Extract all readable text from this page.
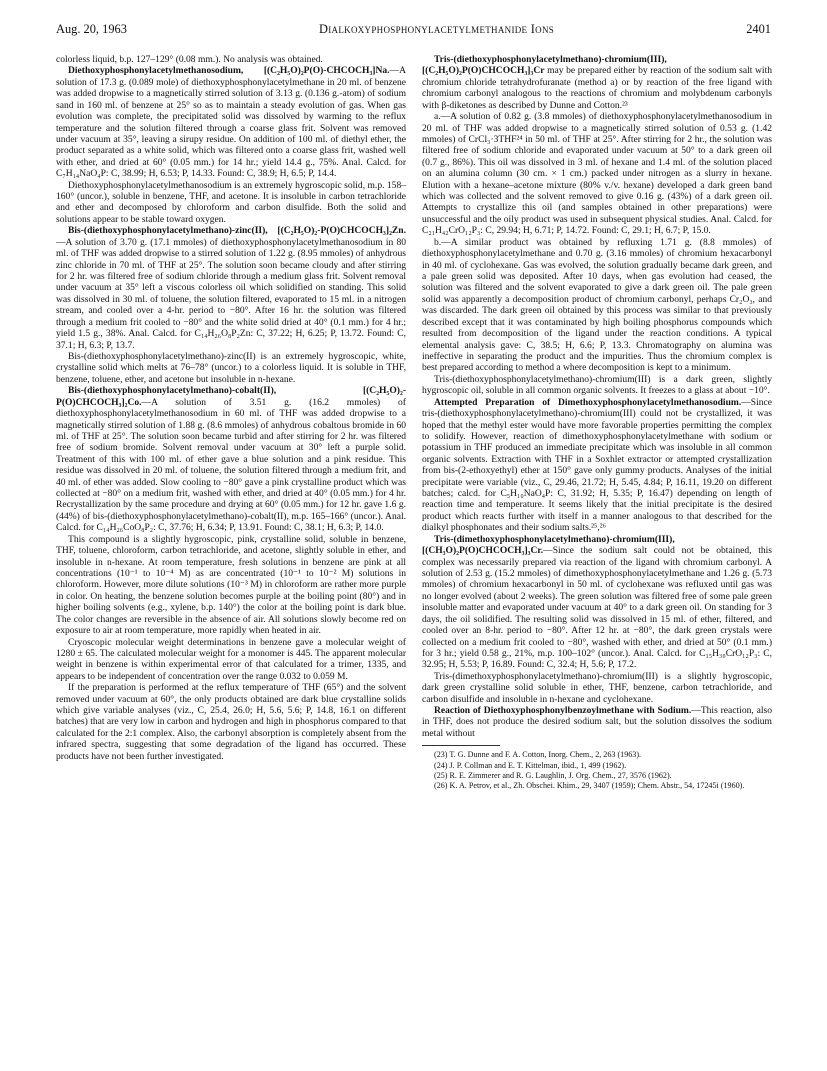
Aug. 20, 1963	Dialkoxyphosphonylacetylmethanide Ions	2401

colorless liquid, b.p. 127–129° (0.08 mm.). No analysis was obtained.

Diethoxyphosphonylacetylmethanosodium, [(C₂H₅O)₂P(O)-CHCOCH₃]Na.—A solution of 17.3 g. (0.089 mole) of diethoxyphosphonylacetylmethane in 20 ml. of benzene was added dropwise to a magnetically stirred solution of 3.13 g. (0.136 g.-atom) of sodium sand in 160 ml. of benzene at 25° so as to maintain a steady evolution of gas. When gas evolution was complete, the precipitated solid was dissolved by warming to the reflux temperature and the solution filtered through a coarse glass frit. Solvent was removed under vacuum at 35°, leaving a sirupy residue. On addition of 100 ml. of diethyl ether, the product separated as a white solid, which was filtered onto a coarse glass frit, washed well with ether, and dried at 60° (0.05 mm.) for 14 hr.; yield 14.4 g., 75%. Anal. Calcd. for C₇H₁₄NaO₄P: C, 38.99; H, 6.53; P, 14.33. Found: C, 38.9; H, 6.5; P, 14.4.

Diethoxyphosphonylacetylmethanosodium is an extremely hygroscopic solid, m.p. 158–160° (uncor.), soluble in benzene, THF, and acetone. It is insoluble in carbon tetrachloride and ether and decomposed by chloroform and carbon disulfide. Both the solid and solutions appear to be stable toward oxygen.

Bis-(diethoxyphosphonylacetylmethano)-zinc(II), [(C₂H₅O)₂-P(O)CHCOCH₃]₂Zn.—A solution of 3.70 g. (17.1 mmoles) of diethoxyphosphonylacetylmethanosodium in 80 ml. of THF was added dropwise to a stirred solution of 1.22 g. (8.95 mmoles) of anhydrous zinc chloride in 70 ml. of THF at 25°. The solution soon became cloudy and after stirring for 2 hr. was filtered free of sodium chloride through a medium glass frit. Solvent removal under vacuum at 35° left a viscous colorless oil which solidified on standing. This solid was dissolved in 30 ml. of toluene, the solution filtered, evaporated to 15 ml. in a nitrogen stream, and cooled over a 4-hr. period to −80°. After 16 hr. the solution was filtered through a medium frit cooled to −80° and the white solid dried at 40° (0.1 mm.) for 4 hr.; yield 1.5 g., 38%. Anal. Calcd. for C₁₄H₂₆O₈P₂Zn: C, 37.22; H, 6.25; P, 13.72. Found: C, 37.1; H, 6.3; P, 13.7.

Bis-(diethoxyphosphonylacetylmethano)-zinc(II) is an extremely hygroscopic, white, crystalline solid which melts at 76–78° (uncor.) to a colorless liquid. It is soluble in THF, benzene, toluene, ether, and acetone but insoluble in n-hexane.

Bis-(diethoxyphosphonylacetylmethano)-cobalt(II), [(C₂H₅O)₂-P(O)CHCOCH₃]₂Co.—A solution of 3.51 g. (16.2 mmoles) of diethoxyphosphonylacetylmethanosodium in 60 ml. of THF was added dropwise to a magnetically stirred solution of 1.88 g. (8.6 mmoles) of anhydrous cobaltous bromide in 60 ml. of THF at 25°. The solution soon became turbid and after stirring for 2 hr. was filtered free of sodium bromide. Solvent removal under vacuum at 30° left a purple solid. Treatment of this with 100 ml. of ether gave a blue solution and a pink residue. This residue was dissolved in 20 ml. of toluene, the solution filtered through a medium frit, and 40 ml. of ether was added. Slow cooling to −80° gave a pink crystalline product which was collected at −80° on a medium frit, washed with ether, and dried at 40° (0.05 mm.) for 4 hr. Recrystallization by the same procedure and drying at 60° (0.05 mm.) for 12 hr. gave 1.6 g. (44%) of bis-(diethoxyphosphonylacetylmethano)-cobalt(II), m.p. 165–166° (uncor.). Anal. Calcd. for C₁₄H₂₆CoO₈P₂: C, 37.76; H, 6.34; P, 13.91. Found: C, 38.1; H, 6.3; P, 14.0.

This compound is a slightly hygroscopic, pink, crystalline solid, soluble in benzene, THF, toluene, chloroform, carbon tetrachloride, and acetone, slightly soluble in ether, and insoluble in n-hexane. At room temperature, fresh solutions in benzene are pink at all concentrations (10⁻¹ to 10⁻⁴ M) as are concentrated (10⁻¹ to 10⁻² M) solutions in chloroform. However, more dilute solutions (10⁻³ M) in chloroform are rather more purple in color. On heating, the benzene solution becomes purple at the boiling point (80°) and in higher boiling solvents (e.g., xylene, b.p. 140°) the color at the boiling point is dark blue. The color changes are reversible in the absence of air. All solutions slowly become red on exposure to air at room temperature, more rapidly when heated in air.

Cryoscopic molecular weight determinations in benzene gave a molecular weight of 1280 ± 65. The calculated molecular weight for a monomer is 445. The apparent molecular weight in benzene is within experimental error of that calculated for a trimer, 1335, and appears to be independent of concentration over the range 0.032 to 0.059 M.

If the preparation is performed at the reflux temperature of THF (65°) and the solvent removed under vacuum at 60°, the only products obtained are dark blue crystalline solids which give variable analyses (viz., C, 25.4, 26.0; H, 5.6, 5.6; P, 14.8, 16.1 on different batches) that are very low in carbon and hydrogen and high in phosphorus compared to that calculated for the 2:1 complex. Also, the carbonyl absorption is completely absent from the infrared spectra, suggesting that some degradation of the ligand has occurred. These products have not been further investigated.

Tris-(diethoxyphosphonylacetylmethano)-chromium(III), [(C₂H₅O)₂P(O)CHCOCH₃]₃Cr may be prepared either by reaction of the sodium salt with chromium chloride tetrahydrofuranate (method a) or by reaction of the free ligand with chromium carbonyl analogous to the reactions of chromium and molybdenum carbonyls with β-diketones as described by Dunne and Cotton.²³

a.—A solution of 0.82 g. (3.8 mmoles) of diethoxyphosphonylacetylmethanosodium in 20 ml. of THF was added dropwise to a magnetically stirred solution of 0.53 g. (1.42 mmoles) of CrCl₃·3THF²⁴ in 50 ml. of THF at 25°. After stirring for 2 hr., the solution was filtered free of sodium chloride and evaporated under vacuum at 50° to a dark green oil (0.7 g., 86%). This oil was dissolved in 3 ml. of hexane and 1.4 ml. of the solution placed on an alumina column (30 cm. × 1 cm.) packed under nitrogen as a slurry in hexane. Elution with a hexane–acetone mixture (80% v./v. hexane) developed a dark green band which was collected and the solvent removed to give 0.16 g. (43%) of a dark green oil. Attempts to crystallize this oil (and samples obtained in other preparations) were unsuccessful and the oily product was used in subsequent physical studies. Anal. Calcd. for C₂₁H₄₂CrO₁₂P₃: C, 29.94; H, 6.71; P, 14.72. Found: C, 29.1; H, 6.7; P, 15.0.

b.—A similar product was obtained by refluxing 1.71 g. (8.8 mmoles) of diethoxyphosphonylacetylmethane and 0.70 g. (3.16 mmoles) of chromium hexacarbonyl in 40 ml. of cyclohexane. Gas was evolved, the solution gradually became dark green, and a pale green solid was deposited. After 10 days, when gas evolution had ceased, the solution was filtered and the solvent evaporated to give a dark green oil. The pale green solid was apparently a decomposition product of chromium carbonyl, perhaps Cr₂O₃, and was discarded. The dark green oil obtained by this process was similar to that previously described except that it was contaminated by high boiling phosphorus compounds which resulted from decomposition of the ligand under the reaction conditions. A typical elemental analysis gave: C, 38.5; H, 6.6; P, 13.3. Chromatography on alumina was ineffective in separating the product and the impurities. Thus the chromium complex is best prepared according to method a where decomposition is kept to a minimum.

Tris-(diethoxyphosphonylacetylmethano)-chromium(III) is a dark green, slightly hygroscopic oil, soluble in all common organic solvents. It freezes to a glass at about −10°.

Attempted Preparation of Dimethoxyphosphonylacetylmethanosodium.—Since tris-(diethoxyphosphonylacetylmethano)-chromium(III) could not be crystallized, it was hoped that the methyl ester would have more favorable properties permitting the complex to solidify. However, reaction of dimethoxyphosphonylacetylmethane with sodium or potassium in THF produced an immediate precipitate which was insoluble in all common organic solvents. Extraction with THF in a Soxhlet extractor or attempted crystallization from bis-(2-ethoxyethyl) ether at 150° gave only gummy products. Analyses of the initial precipitate were variable (viz., C, 29.46, 21.72; H, 5.45, 4.84; P, 16.11, 19.20 on different batches; calcd. for C₅H₁₀NaO₄P: C, 31.92; H, 5.35; P, 16.47) depending on length of reaction time and temperature. It seems likely that the initial precipitate is the desired product which reacts further with itself in a manner analogous to that described for the dialkyl phosphonates and their sodium salts.²⁵,²⁶

Tris-(dimethoxyphosphonylacetylmethano)-chromium(III), [(CH₃O)₂P(O)CHCOCH₃]₃Cr.—Since the sodium salt could not be obtained, this complex was necessarily prepared via reaction of the ligand with chromium carbonyl. A solution of 2.53 g. (15.2 mmoles) of dimethoxyphosphonylacetylmethane and 1.26 g. (5.73 mmoles) of chromium hexacarbonyl in 50 ml. of cyclohexane was refluxed until gas was no longer evolved (about 2 weeks). The green solution was filtered free of some pale green insoluble matter and evaporated under vacuum at 40° to a dark green oil. On standing for 3 days, the oil solidified. The resulting solid was dissolved in 15 ml. of ether, filtered, and cooled over an 8-hr. period to −80°. After 12 hr. at −80°, the dark green crystals were collected on a medium frit cooled to −80°, washed with ether, and dried at 50° (0.1 mm.) for 3 hr.; yield 0.58 g., 21%, m.p. 100–102° (uncor.). Anal. Calcd. for C₁₅H₃₀CrO₁₂P₃: C, 32.95; H, 5.53; P, 16.89. Found: C, 32.4; H, 5.6; P, 17.2.

Tris-(dimethoxyphosphonylacetylmethano)-chromium(III) is a slightly hygroscopic, dark green crystalline solid soluble in ether, THF, benzene, carbon tetrachloride, and carbon disulfide and insoluble in n-hexane and cyclohexane.

Reaction of Diethoxyphosphonylbenzoylmethane with Sodium.—This reaction, also in THF, does not produce the desired sodium salt, but the solution dissolves the sodium metal without

(23) T. G. Dunne and F. A. Cotton, Inorg. Chem., 2, 263 (1963).

(24) J. P. Collman and E. T. Kittelman, ibid., 1, 499 (1962).

(25) R. E. Zimmerer and R. G. Laughlin, J. Org. Chem., 27, 3576 (1962).

(26) K. A. Petrov, et al., Zh. Obschei. Khim., 29, 3407 (1959); Chem. Abstr., 54, 17245i (1960).
